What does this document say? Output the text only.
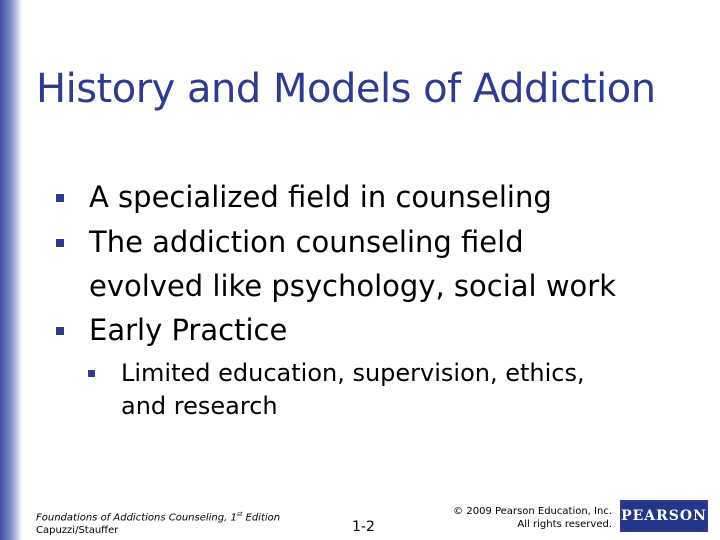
History and Models of Addiction
A specialized field in counseling
The addiction counseling field
evolved like psychology, social work
Early Practice
Limited education, supervision, ethics,
and research
Foundations of Addictions Counseling, 1st Edition
Capuzzi/Stauffer	1-2
© 2009 Pearson Education, Inc.
All rights reserved.
PEARSON
